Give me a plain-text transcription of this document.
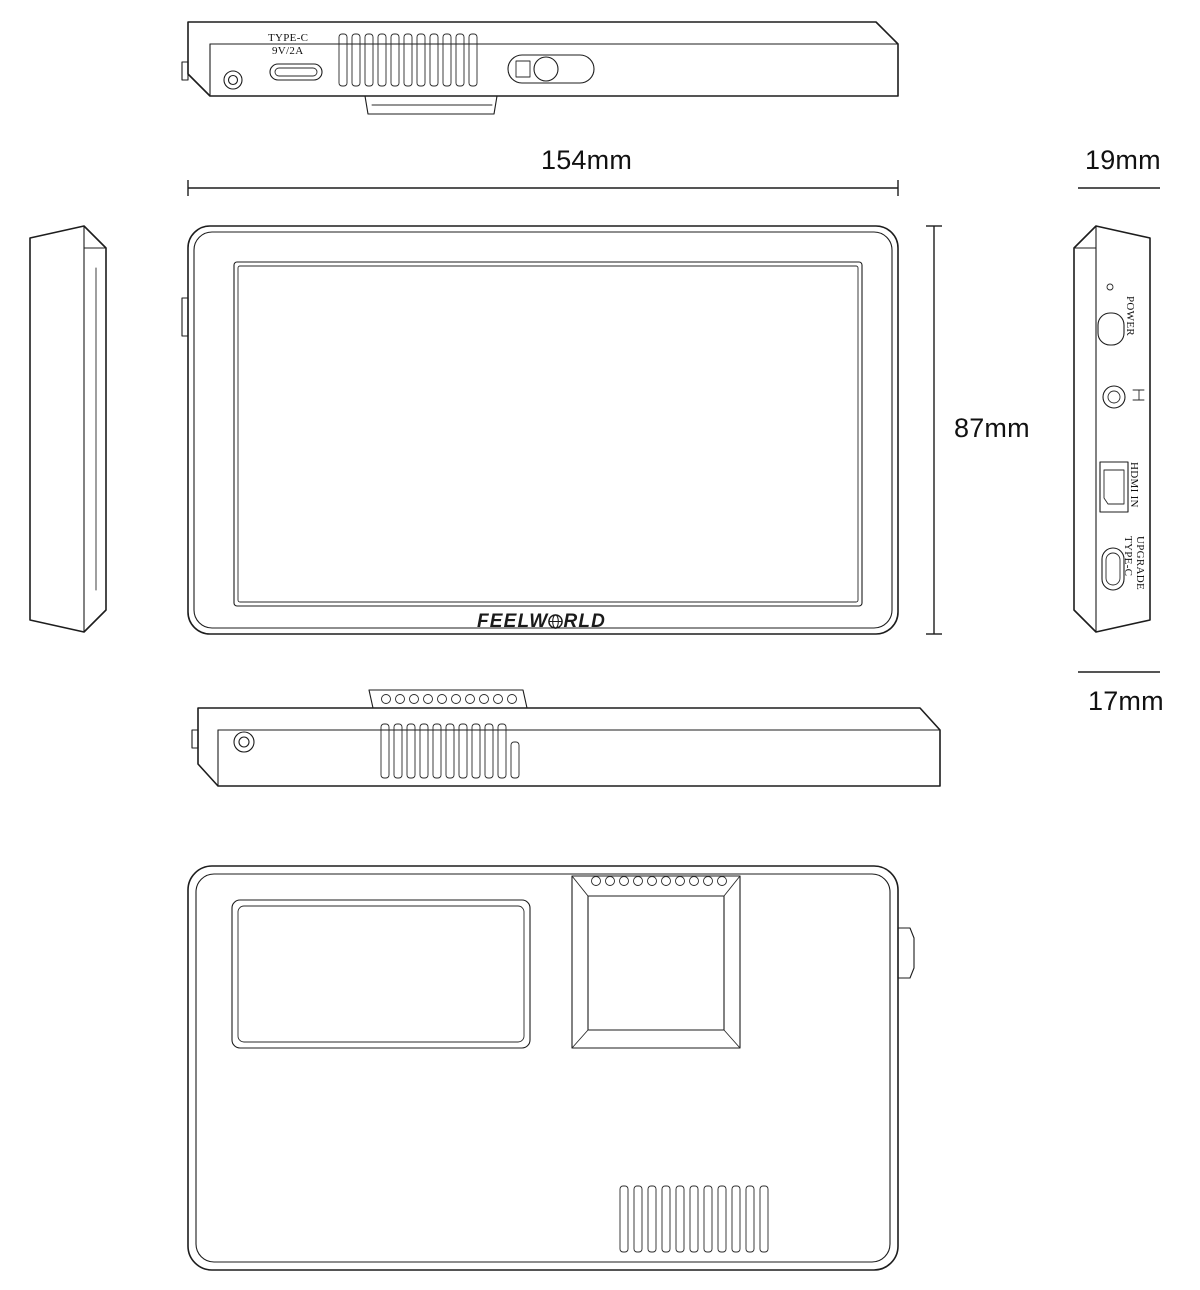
TYPE-C
9V/2A
154mm	19mm
87mm
17mm
POWER
HDMI IN
TYPE-C UPGRADE
FEELW RLD
